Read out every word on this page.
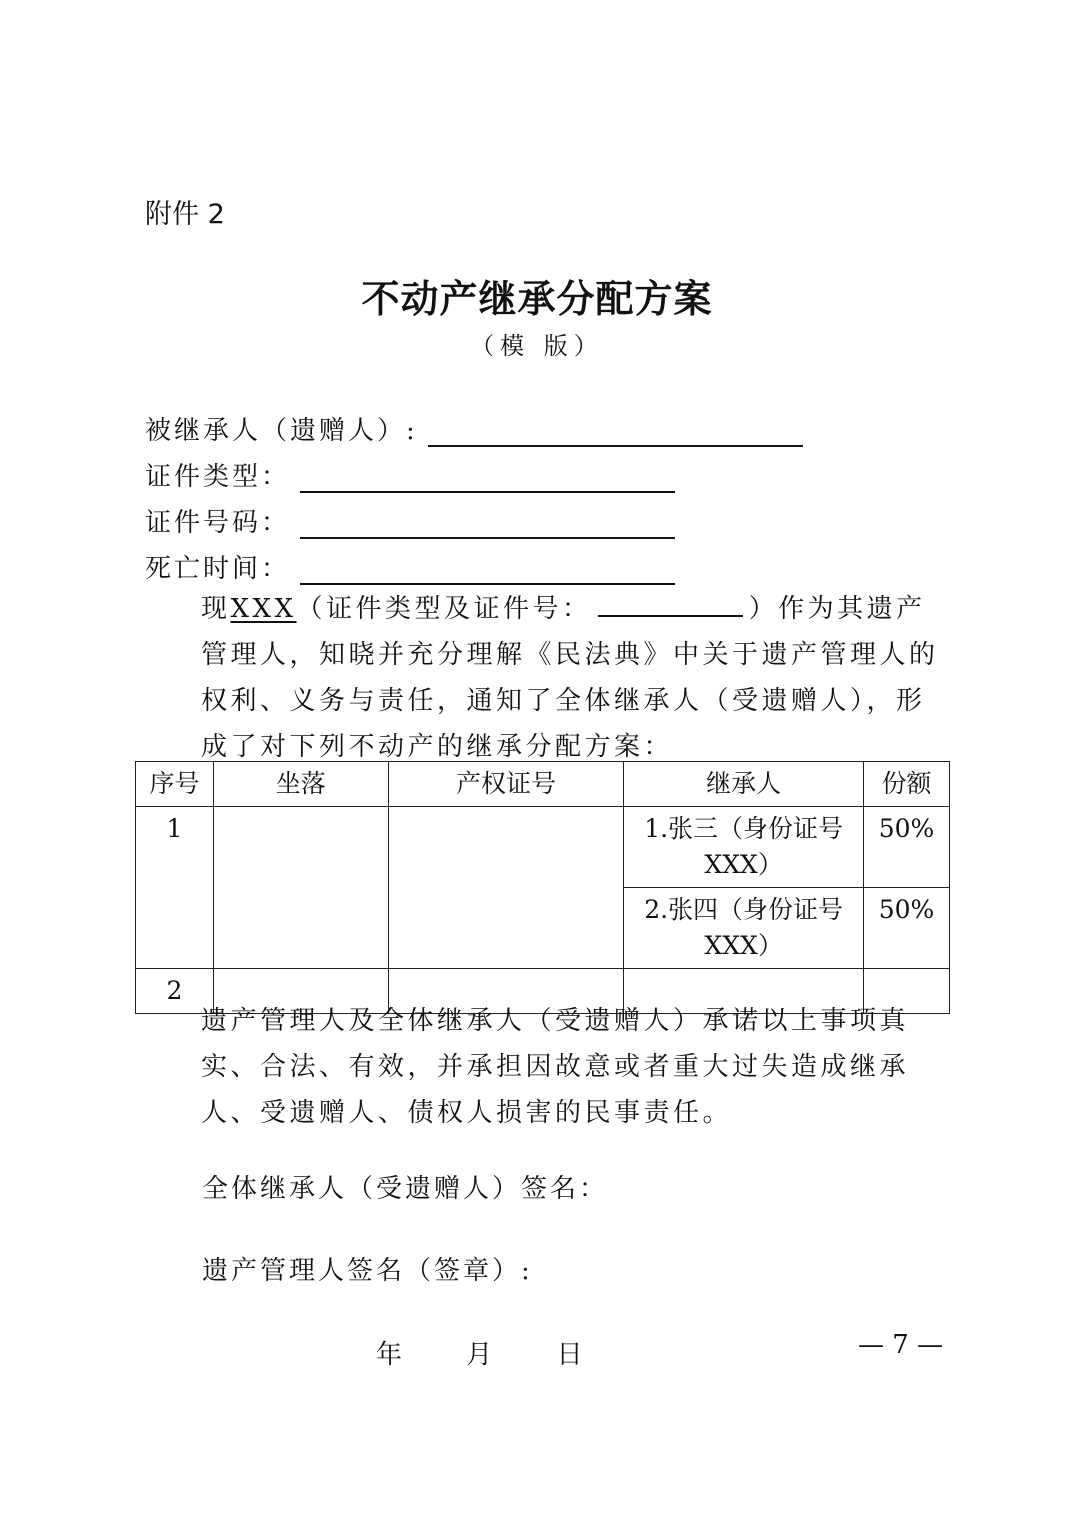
附件 2
不动产继承分配方案
（模 版）
被继承人（遗赠人）:
证件类型：
证件号码：
死亡时间：
现XXX（证件类型及证件号：	）作为其遗产管理人，知晓并充分理解《民法典》中关于遗产管理人的权利、义务与责任，通知了全体继承人（受遗赠人），形成了对下列不动产的继承分配方案：
序号	坐落	产权证号	继承人	份额
1			1.张三（身份证号XXX）	50%
			2.张四（身份证号XXX）	50%
2				
遗产管理人及全体继承人（受遗赠人）承诺以上事项真实、合法、有效，并承担因故意或者重大过失造成继承人、受遗赠人、债权人损害的民事责任。
全体继承人（受遗赠人）签名：
遗产管理人签名（签章）:
年 月 日	— 7 —
